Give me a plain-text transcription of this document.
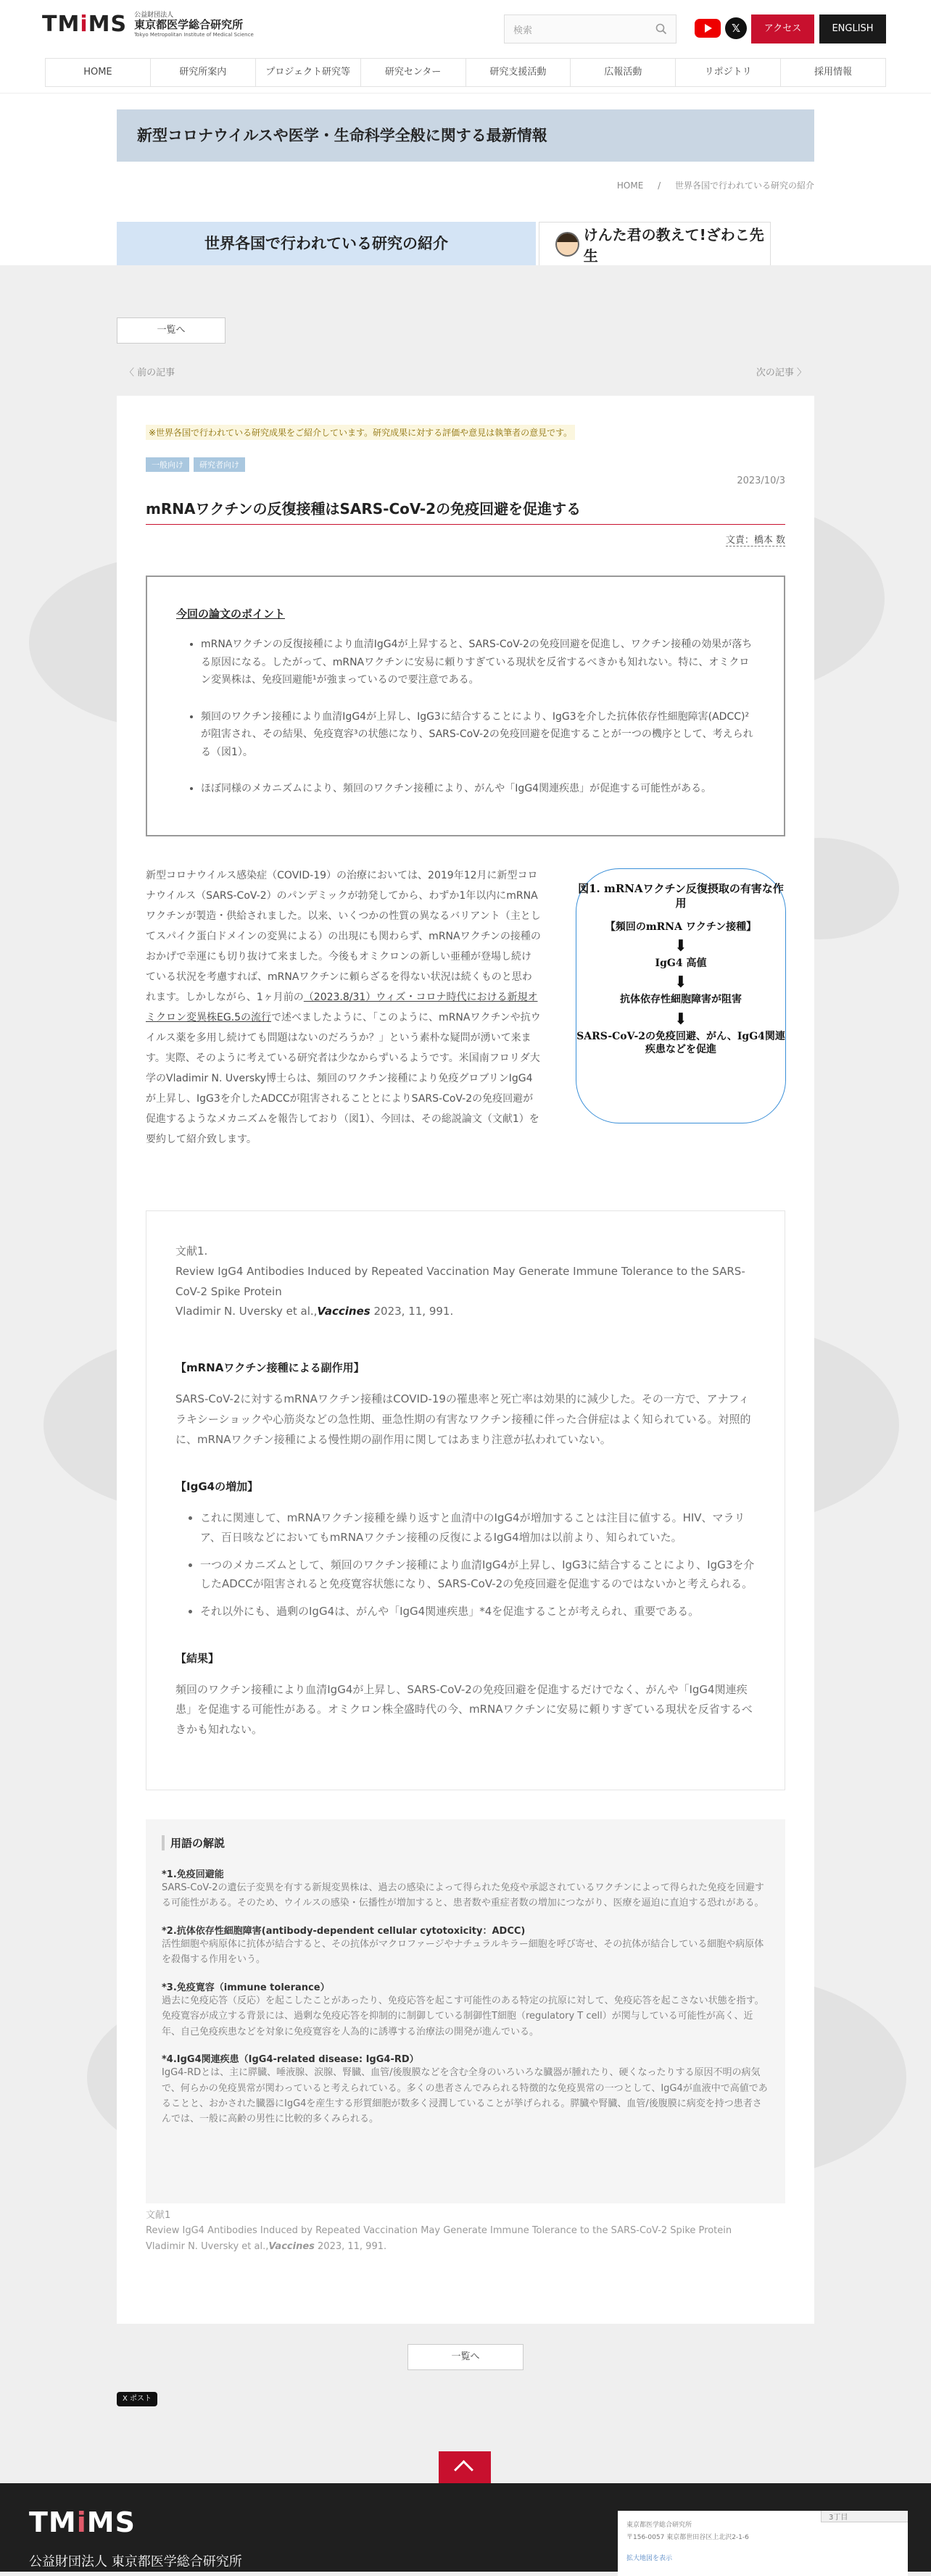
TMiMS 公益財団法人
東京都医学総合研究所
Tokyo Metropolitan Institute of Medical Science	検索	𝕏	アクセス	ENGLISH
HOME	研究所案内	プロジェクト研究等	研究センター	研究支援活動	広報活動	リポジトリ	採用情報
新型コロナウイルスや医学・生命科学全般に関する最新情報
HOME / 世界各国で行われている研究の紹介
世界各国で行われている研究の紹介
けんた君の教えて!ざわこ先生
一覧へ
〈 前の記事	次の記事 〉

※世界各国で行われている研究成果をご紹介しています。研究成果に対する評価や意見は執筆者の意見です。

一般向け	研究者向け
2023/10/3
mRNAワクチンの反復接種はSARS-CoV-2の免疫回避を促進する
文責：橋本 数

今回の論文のポイント

• mRNAワクチンの反復接種により血清IgG4が上昇すると、SARS-CoV-2の免疫回避を促進し、ワクチン接種の効果が落ちる原因になる。したがって、mRNAワクチンに安易に頼りすぎている現状を反省するべきかも知れない。特に、オミクロン変異株は、免疫回避能¹が強まっているので要注意である。
• 頻回のワクチン接種により血清IgG4が上昇し、IgG3に結合することにより、IgG3を介した抗体依存性細胞障害(ADCC)²が阻害され、その結果、免疫寛容³の状態になり、SARS-CoV-2の免疫回避を促進することが一つの機序として、考えられる（図1）。
• ほぼ同様のメカニズムにより、頻回のワクチン接種により、がんや「IgG4関連疾患」が促進する可能性がある。

新型コロナウイルス感染症（COVID-19）の治療においては、2019年12月に新型コロナウイルス（SARS-CoV-2）のパンデミックが勃発してから、わずか1年以内にmRNAワクチンが製造・供給されました。以来、いくつかの性質の異なるバリアント（主としてスパイク蛋白ドメインの変異による）の出現にも関わらず、mRNAワクチンの接種のおかげで幸運にも切り抜けて来ました。今後もオミクロンの新しい亜種が登場し続けている状況を考慮すれば、mRNAワクチンに頼らざるを得ない状況は続くものと思われます。しかしながら、1ヶ月前の（2023.8/31）ウィズ・コロナ時代における新規オミクロン変異株EG.5の流行で述べましたように、「このように、mRNAワクチンや抗ウイルス薬を多用し続けても問題はないのだろうか？」という素朴な疑問が湧いて来ます。実際、そのように考えている研究者は少なからずいるようです。米国南フロリダ大学のVladimir N. Uversky博士らは、頻回のワクチン接種により免疫グロブリンIgG4が上昇し、IgG3を介したADCCが阻害されることとによりSARS-CoV-2の免疫回避が促進するようなメカニズムを報告しており（図1）、今回は、その総説論文（文献1）を要約して紹介致します。

図1. mRNAワクチン反復摂取の有害な作用
【頻回のmRNA ワクチン接種】
⬇
IgG4 高値
⬇
抗体依存性細胞障害が阻害
⬇
SARS-CoV-2の免疫回避、がん、IgG4関連疾患などを促進
文献1.
Review IgG4 Antibodies Induced by Repeated Vaccination May Generate Immune Tolerance to the SARS-CoV-2 Spike Protein
Vladimir N. Uversky et al.,Vaccines 2023, 11, 991.
【mRNAワクチン接種による副作用】

SARS-CoV-2に対するmRNAワクチン接種はCOVID-19の罹患率と死亡率は効果的に減少した。その一方で、アナフィラキシーショックや心筋炎などの急性期、亜急性期の有害なワクチン接種に伴った合併症はよく知られている。対照的に、mRNAワクチン接種による慢性期の副作用に関してはあまり注意が払われていない。

【IgG4の増加】
• これに関連して、mRNAワクチン接種を繰り返すと血清中のIgG4が増加することは注目に値する。HIV、マラリア、百日咳などにおいてもmRNAワクチン接種の反復によるIgG4増加は以前より、知られていた。
• 一つのメカニズムとして、頻回のワクチン接種により血清IgG4が上昇し、IgG3に結合することにより、IgG3を介したADCCが阻害されると免疫寛容状態になり、SARS-CoV-2の免疫回避を促進するのではないかと考えられる。
• それ以外にも、過剰のIgG4は、がんや「IgG4関連疾患」*4を促進することが考えられ、重要である。
【結果】

頻回のワクチン接種により血清IgG4が上昇し、SARS-CoV-2の免疫回避を促進するだけでなく、がんや「IgG4関連疾患」を促進する可能性がある。オミクロン株全盛時代の今、mRNAワクチンに安易に頼りすぎている現状を反省するべきかも知れない。

用語の解説
*1.免疫回避能
SARS-CoV-2の遺伝子変異を有する新規変異株は、過去の感染によって得られた免疫や承認されているワクチンによって得られた免疫を回避する可能性がある。そのため、ウイルスの感染・伝播性が増加すると、患者数や重症者数の増加につながり、医療を逼迫に直迫する恐れがある。
*2.抗体依存性細胞障害(antibody-dependent cellular cytotoxicity：ADCC)
活性細胞や病原体に抗体が結合すると、その抗体がマクロファージやナチュラルキラー細胞を呼び寄せ、その抗体が結合している細胞や病原体を殺傷する作用をいう。
*3.免疫寛容（immune tolerance）
過去に免疫応答（反応）を起こしたことがあったり、免疫応答を起こす可能性のある特定の抗原に対して、免疫応答を起こさない状態を指す。免疫寛容が成立する背景には、過剰な免疫応答を抑制的に制御している制御性T細胞（regulatory T cell）が関与している可能性が高く、近年、自己免疫疾患などを対象に免疫寛容を人為的に誘導する治療法の開発が進んでいる。
*4.IgG4関連疾患（IgG4-related disease: IgG4-RD）
IgG4-RDとは、主に膵臓、唾液腺、涙腺、腎臓、血管/後腹膜などを含む全身のいろいろな臓器が腫れたり、硬くなったりする原因不明の病気で、何らかの免疫異常が関わっていると考えられている。多くの患者さんでみられる特徴的な免疫異常の一つとして、IgG4が血液中で高値であることと、おかされた臓器にIgG4を産生する形質細胞が数多く浸潤していることが挙げられる。膵臓や腎臓、血管/後腹膜に病変を持つ患者さんでは、一般に高齢の男性に比較的多くみられる。
文献1
Review IgG4 Antibodies Induced by Repeated Vaccination May Generate Immune Tolerance to the SARS-CoV-2 Spike Protein
Vladimir N. Uversky et al.,Vaccines 2023, 11, 991.
一覧へ
X ポスト
TMiMS
公益財団法人 東京都医学総合研究所
3丁目
東京都医学総合研究所
〒156-0057 東京都世田谷区上北沢2-1-6
拡大地図を表示
